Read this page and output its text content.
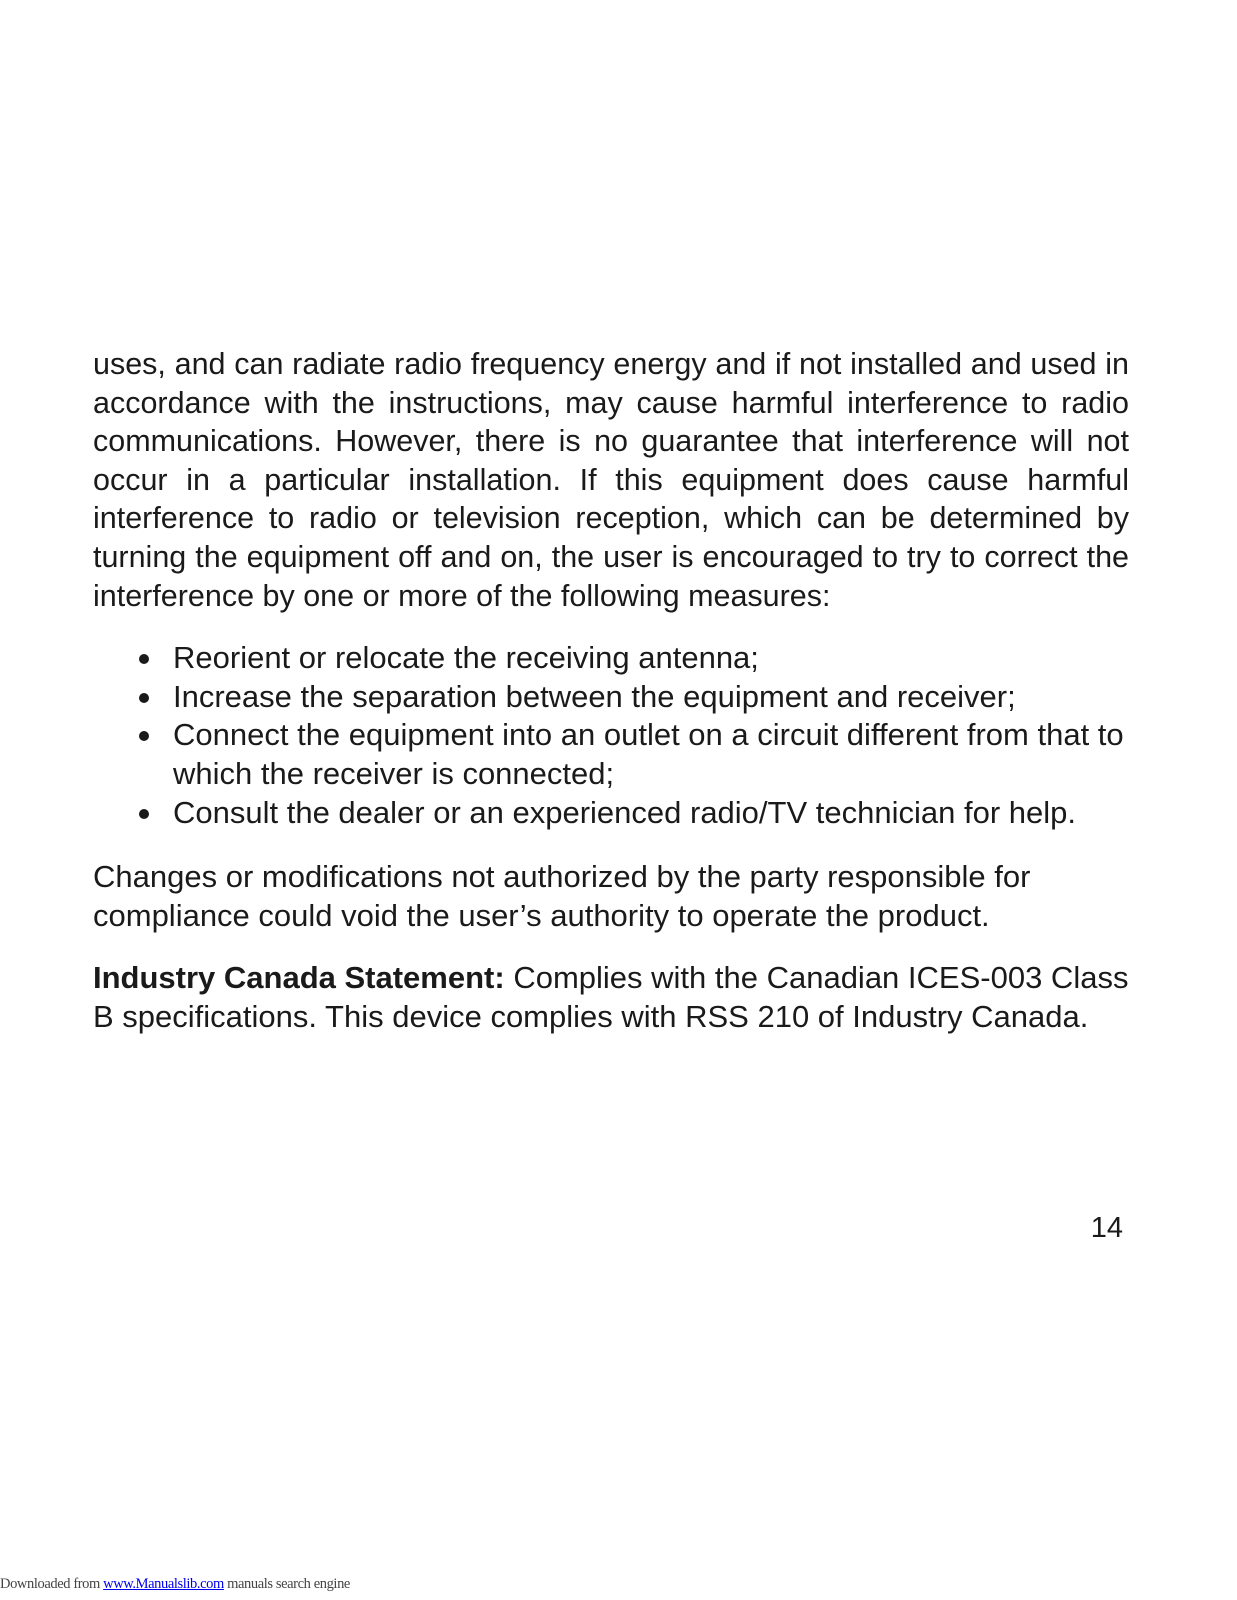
uses, and can radiate radio frequency energy and if not installed and used in accordance with the instructions, may cause harmful interference to radio communications. However, there is no guarantee that interference will not occur in a particular installation. If this equipment does cause harmful interference to radio or television reception, which can be determined by turning the equipment off and on, the user is encouraged to try to correct the interference by one or more of the following measures:

Reorient or relocate the receiving antenna;
Increase the separation between the equipment and receiver;
Connect the equipment into an outlet on a circuit different from that to which the receiver is connected;
Consult the dealer or an experienced radio/TV technician for help.

Changes or modifications not authorized by the party responsible for compliance could void the user’s authority to operate the product.

Industry Canada Statement: Complies with the Canadian ICES-003 Class B specifications. This device complies with RSS 210 of Industry Canada.

14
Downloaded from www.Manualslib.com manuals search engine
